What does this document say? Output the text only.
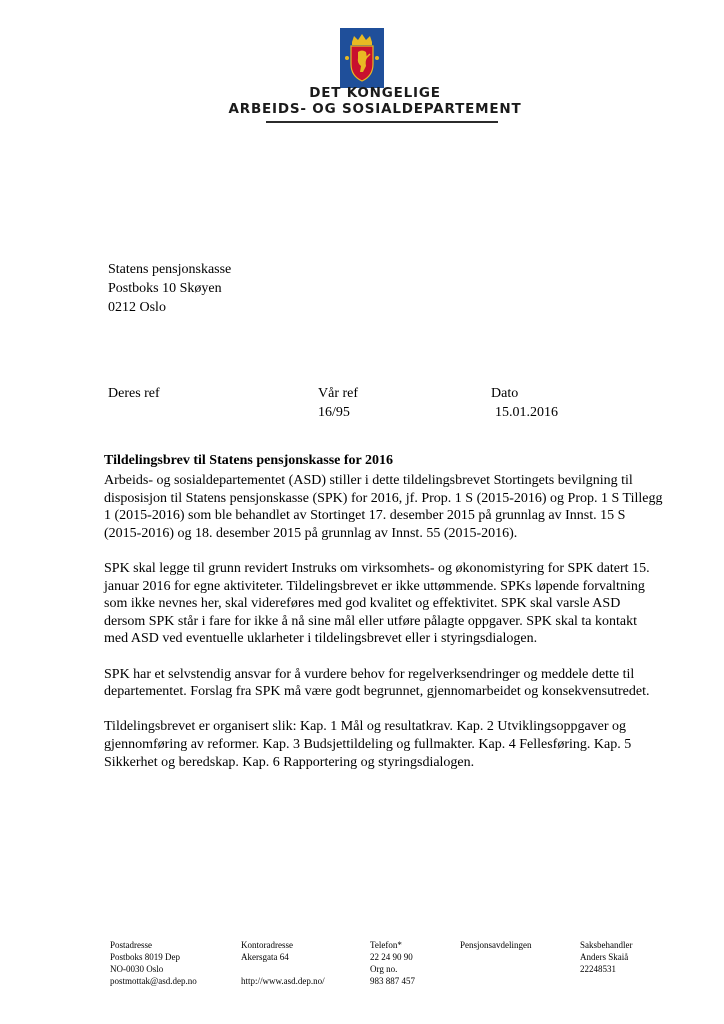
DET KONGELIGE
ARBEIDS- OG SOSIALDEPARTEMENT
Statens pensjonskasse
Postboks 10 Skøyen
0212 Oslo
Deres ref	Vår ref
16/95
Dato
15.01.2016
Tildelingsbrev til Statens pensjonskasse for 2016

Arbeids- og sosialdepartementet (ASD) stiller i dette tildelingsbrevet Stortingets bevilgning til disposisjon til Statens pensjonskasse (SPK) for 2016, jf. Prop. 1 S (2015-2016) og Prop. 1 S Tillegg 1 (2015-2016) som ble behandlet av Stortinget 17. desember 2015 på grunnlag av Innst. 15 S (2015-2016) og 18. desember 2015 på grunnlag av Innst. 55 (2015-2016).

SPK skal legge til grunn revidert Instruks om virksomhets- og økonomistyring for SPK datert 15. januar 2016 for egne aktiviteter. Tildelingsbrevet er ikke uttømmende. SPKs løpende forvaltning som ikke nevnes her, skal videreføres med god kvalitet og effektivitet. SPK skal varsle ASD dersom SPK står i fare for ikke å nå sine mål eller utføre pålagte oppgaver. SPK skal ta kontakt med ASD ved eventuelle uklarheter i tildelingsbrevet eller i styringsdialogen.

SPK har et selvstendig ansvar for å vurdere behov for regelverksendringer og meddele dette til departementet. Forslag fra SPK må være godt begrunnet, gjennomarbeidet og konsekvensutredet.

Tildelingsbrevet er organisert slik: Kap. 1 Mål og resultatkrav. Kap. 2 Utviklingsoppgaver og gjennomføring av reformer. Kap. 3 Budsjettildeling og fullmakter. Kap. 4 Fellesføring. Kap. 5 Sikkerhet og beredskap. Kap. 6 Rapportering og styringsdialogen.

Postadresse
Postboks 8019 Dep
NO-0030 Oslo
postmottak@asd.dep.no
Kontoradresse
Akersgata 64

http://www.asd.dep.no/
Telefon*
22 24 90 90
Org no.
983 887 457
Pensjonsavdelingen	Saksbehandler
Anders Skaiå
22248531
